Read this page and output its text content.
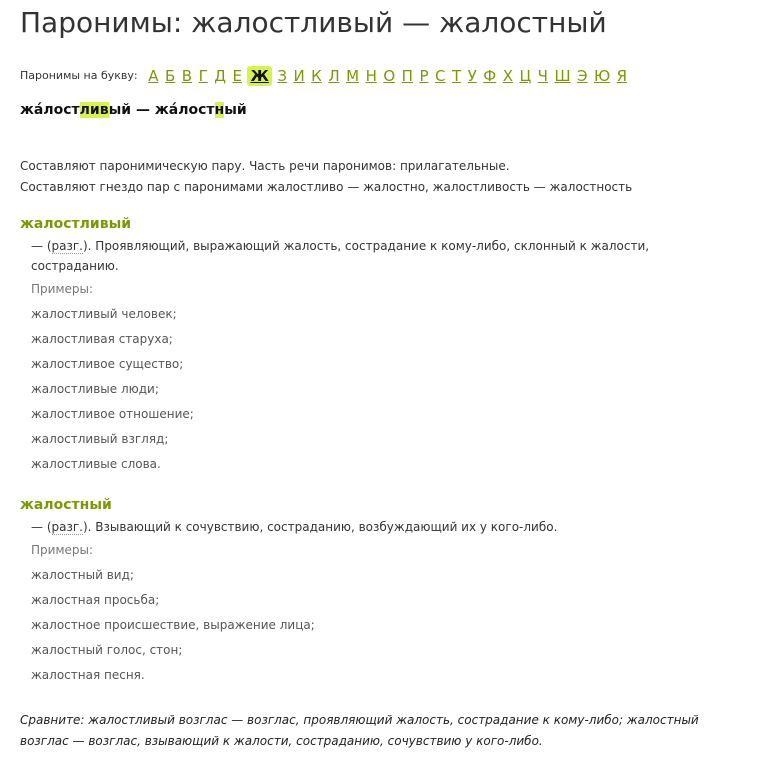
Паронимы: жалостливый — жалостный
Паронимы на букву: А Б В Г Д Е Ж З И К Л М Н О П Р С Т У Ф Х Ц Ч Ш Э Ю Я
жа́лостливый — жа́лостный

Составляют паронимическую пару. Часть речи паронимов: прилагательные.

Составляют гнездо пар с паронимами жалостливо — жалостно, жалостливость — жалостность

жалостливый
— (разг.). Проявляющий, выражающий жалость, сострадание к кому-либо, склонный к жалости, состраданию.
Примеры:
жалостливый человек;
жалостливая старуха;
жалостливое существо;
жалостливые люди;
жалостливое отношение;
жалостливый взгляд;
жалостливые слова.
жалостный
— (разг.). Взывающий к сочувствию, состраданию, возбуждающий их у кого-либо.
Примеры:
жалостный вид;
жалостная просьба;
жалостное происшествие, выражение лица;
жалостный голос, стон;
жалостная песня.
Сравните: жалостливый возглас — возглас, проявляющий жалость, сострадание к кому-либо; жалостный возглас — возглас, взывающий к жалости, состраданию, сочувствию у кого-либо.
